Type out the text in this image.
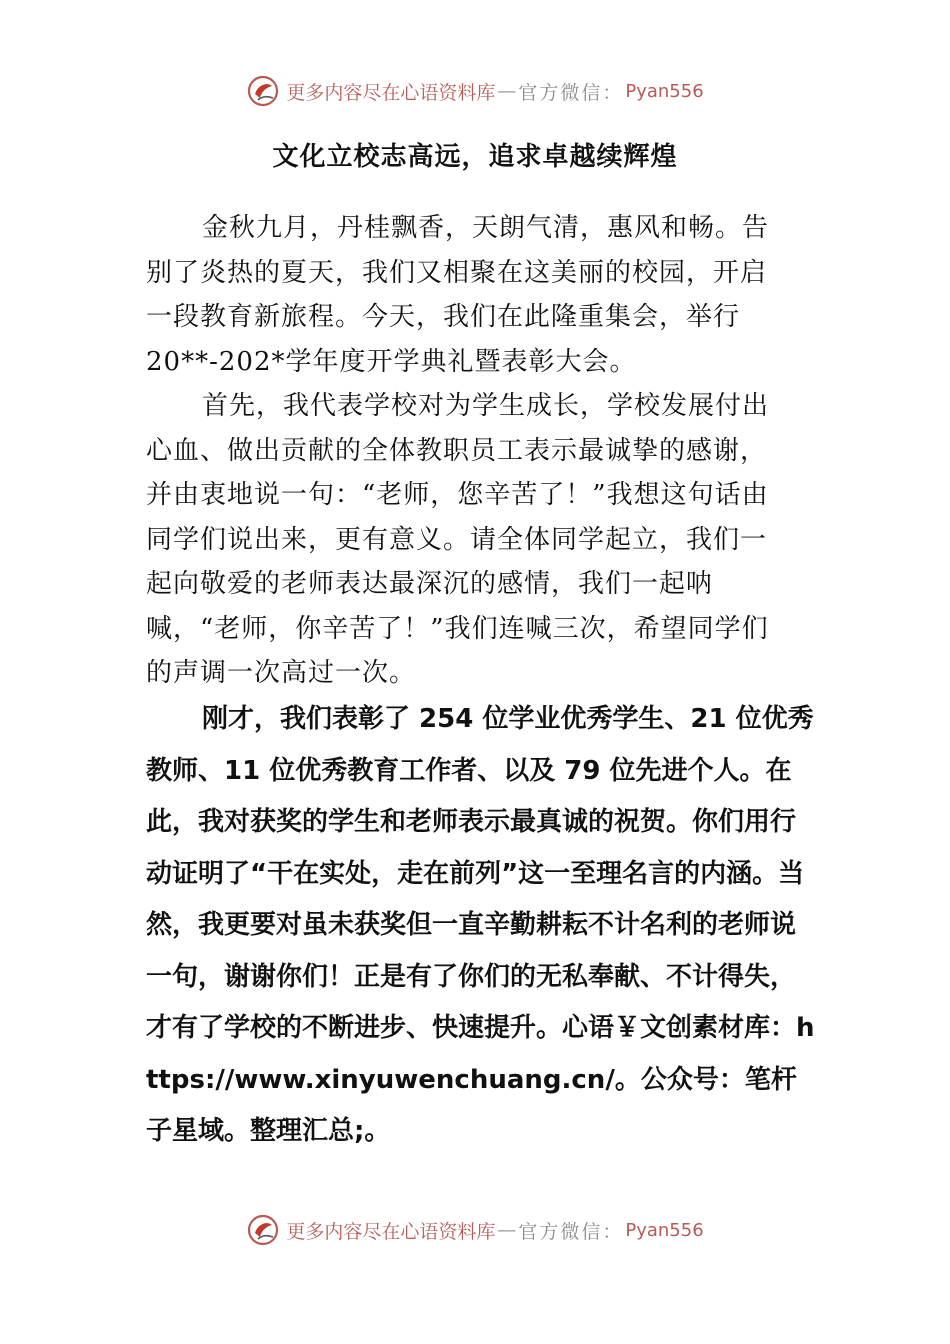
更多内容尽在心语资料库 — 官方微信： Pyan556
文化立校志高远，追求卓越续辉煌

金秋九月，丹桂飘香，天朗气清，惠风和畅。告别了炎热的夏天，我们又相聚在这美丽的校园，开启一段教育新旅程。今天，我们在此隆重集会，举行 20**-202*学年度开学典礼暨表彰大会。

首先，我代表学校对为学生成长，学校发展付出心血、做出贡献的全体教职员工表示最诚挚的感谢，并由衷地说一句：“老师，您辛苦了！”我想这句话由同学们说出来，更有意义。请全体同学起立，我们一起向敬爱的老师表达最深沉的感情，我们一起呐喊，“老师，你辛苦了！”我们连喊三次，希望同学们的声调一次高过一次。

刚才，我们表彰了 254 位学业优秀学生、21 位优秀教师、11 位优秀教育工作者、以及 79 位先进个人。在此，我对获奖的学生和老师表示最真诚的祝贺。你们用行动证明了“干在实处，走在前列”这一至理名言的内涵。当然，我更要对虽未获奖但一直辛勤耕耘不计名利的老师说一句，谢谢你们！正是有了你们的无私奉献、不计得失，才有了学校的不断进步、快速提升。心语￥文创素材库：https://www.xinyuwenchuang.cn/。公众号：笔杆子星域。整理汇总;。

更多内容尽在心语资料库 — 官方微信： Pyan556
